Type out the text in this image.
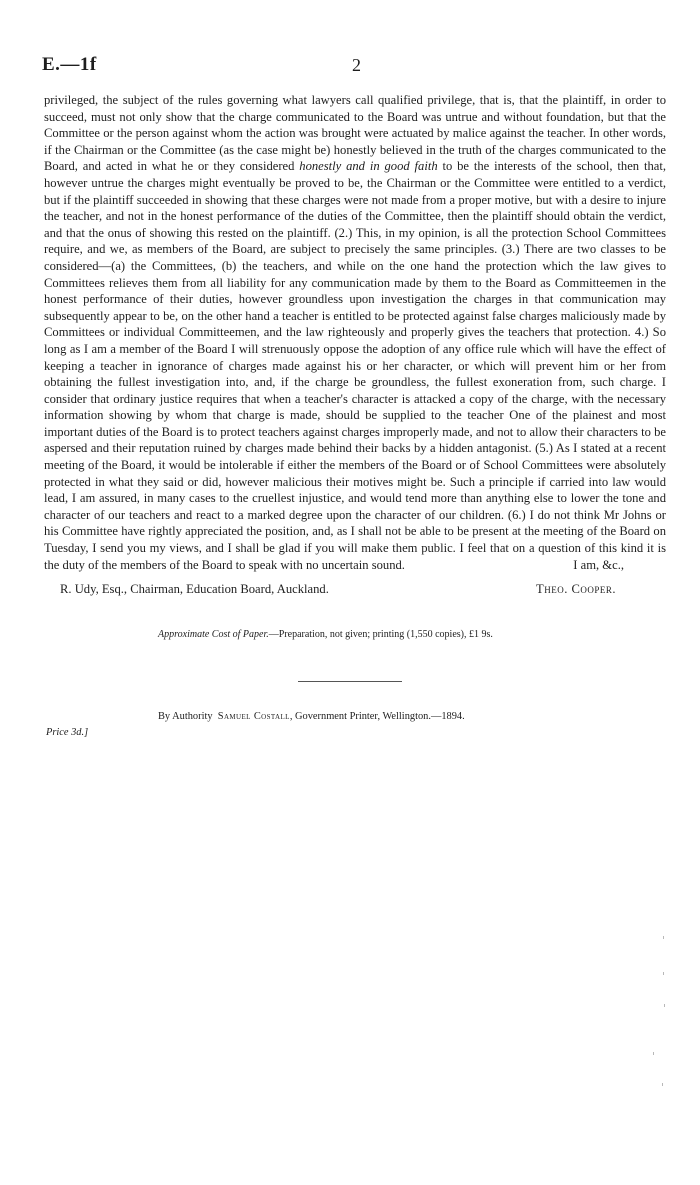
E.—1f	2
privileged, the subject of the rules governing what lawyers call qualified privilege, that is, that the plaintiff, in order to succeed, must not only show that the charge communicated to the Board was untrue and without foundation, but that the Committee or the person against whom the action was brought were actuated by malice against the teacher. In other words, if the Chairman or the Committee (as the case might be) honestly believed in the truth of the charges communicated to the Board, and acted in what he or they considered honestly and in good faith to be the interests of the school, then that, however untrue the charges might eventually be proved to be, the Chairman or the Committee were entitled to a verdict, but if the plaintiff succeeded in showing that these charges were not made from a proper motive, but with a desire to injure the teacher, and not in the honest performance of the duties of the Committee, then the plaintiff should obtain the verdict, and that the onus of showing this rested on the plaintiff. (2.) This, in my opinion, is all the protection School Committees require, and we, as members of the Board, are subject to precisely the same principles. (3.) There are two classes to be considered—(a) the Committees, (b) the teachers, and while on the one hand the protection which the law gives to Committees relieves them from all liability for any communication made by them to the Board as Committeemen in the honest performance of their duties, however groundless upon investigation the charges in that communication may subsequently appear to be, on the other hand a teacher is entitled to be protected against false charges maliciously made by Committees or individual Committeemen, and the law righteously and properly gives the teachers that protection. 4.) So long as I am a member of the Board I will strenuously oppose the adoption of any office rule which will have the effect of keeping a teacher in ignorance of charges made against his or her character, or which will prevent him or her from obtaining the fullest investigation into, and, if the charge be groundless, the fullest exoneration from, such charge. I consider that ordinary justice requires that when a teacher's character is attacked a copy of the charge, with the necessary information showing by whom that charge is made, should be supplied to the teacher One of the plainest and most important duties of the Board is to protect teachers against charges improperly made, and not to allow their characters to be aspersed and their reputation ruined by charges made behind their backs by a hidden antagonist. (5.) As I stated at a recent meeting of the Board, it would be intolerable if either the members of the Board or of School Committees were absolutely protected in what they said or did, however malicious their motives might be. Such a principle if carried into law would lead, I am assured, in many cases to the cruellest injustice, and would tend more than anything else to lower the tone and character of our teachers and react to a marked degree upon the character of our children. (6.) I do not think Mr Johns or his Committee have rightly appreciated the position, and, as I shall not be able to be present at the meeting of the Board on Tuesday, I send you my views, and I shall be glad if you will make them public. I feel that on a question of this kind it is the duty of the members of the Board to speak with no uncertain sound.	I am, &c.,
R. Udy, Esq., Chairman, Education Board, Auckland.	Theo. Cooper.
Approximate Cost of Paper.—Preparation, not given; printing (1,550 copies), £1 9s.
By Authority Samuel Costall, Government Printer, Wellington.—1894.
Price 3d.]
